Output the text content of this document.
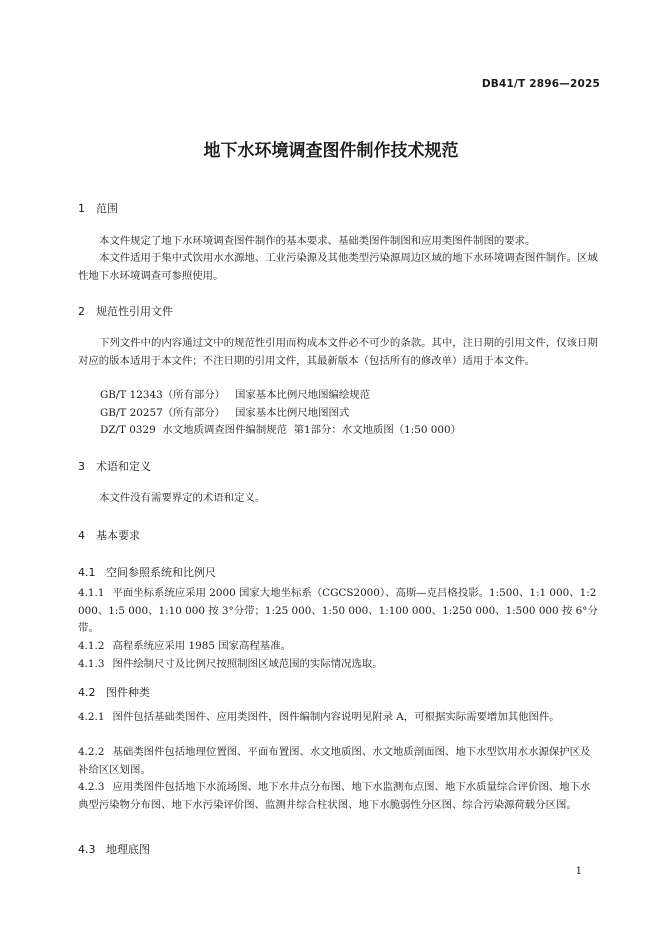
DB41/T 2896—2025
地下水环境调查图件制作技术规范
1 范围
本文件规定了地下水环境调查图件制作的基本要求、基础类图件制图和应用类图件制图的要求。
本文件适用于集中式饮用水水源地、工业污染源及其他类型污染源周边区域的地下水环境调查图件制作。区域性地下水环境调查可参照使用。
2 规范性引用文件
下列文件中的内容通过文中的规范性引用而构成本文件必不可少的条款。其中，注日期的引用文件，仅该日期对应的版本适用于本文件；不注日期的引用文件，其最新版本（包括所有的修改单）适用于本文件。
GB/T 12343（所有部分）   国家基本比例尺地图编绘规范
GB/T 20257（所有部分）   国家基本比例尺地图图式
DZ/T 0329  水文地质调查图件编制规范  第1部分：水文地质图（1:50 000）
3 术语和定义
本文件没有需要界定的术语和定义。
4 基本要求
4.1 空间参照系统和比例尺
4.1.1 平面坐标系统应采用 2000 国家大地坐标系（CGCS2000）、高斯—克吕格投影。1:500、1:1 000、1:2 000、1:5 000、1:10 000 按 3°分带；1:25 000、1:50 000、1:100 000、1:250 000、1:500 000 按 6°分带。
4.1.2 高程系统应采用 1985 国家高程基准。
4.1.3 图件绘制尺寸及比例尺按照制图区域范围的实际情况选取。
4.2 图件种类
4.2.1 图件包括基础类图件、应用类图件，图件编制内容说明见附录 A，可根据实际需要增加其他图件。
4.2.2 基础类图件包括地理位置图、平面布置图、水文地质图、水文地质剖面图、地下水型饮用水水源保护区及补给区区划图。
4.2.3 应用类图件包括地下水流场图、地下水井点分布图、地下水监测布点图、地下水质量综合评价图、地下水典型污染物分布图、地下水污染评价图、监测井综合柱状图、地下水脆弱性分区图、综合污染源荷载分区图。
4.3 地理底图
1
